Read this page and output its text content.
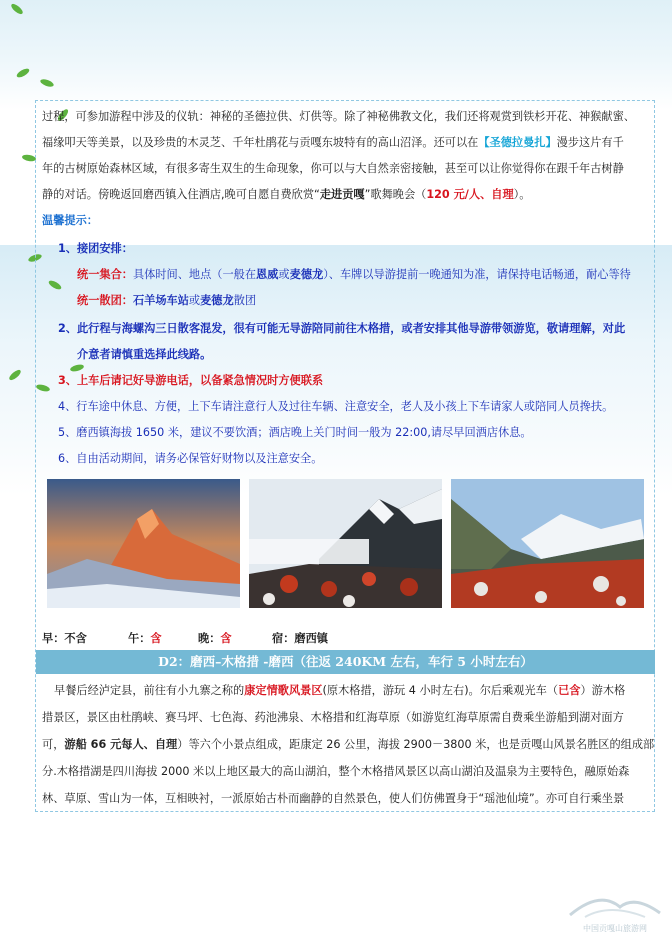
过程，可参加游程中涉及的仪轨：神秘的圣德拉供、灯供等。除了神秘佛教文化，我们还将观赏到铁杉开花、神猴献蜜、
福缘叩天等美景，以及珍贵的木灵芝、千年杜鹃花与贡嘎东坡特有的高山沼泽。还可以在【圣德拉曼扎】漫步这片有千
年的古树原始森林区域，有很多寄生双生的生命现象，你可以与大自然亲密接触，甚至可以让你觉得你在跟千年古树静
静的对话。傍晚返回磨西镇入住酒店,晚可自愿自费欣赏“走进贡嘎”歌舞晚会（120 元/人、自理）。
温馨提示：
1、接团安排：
统一集合：具体时间、地点（一般在恩威或麦德龙）、车牌以导游提前一晚通知为准，请保持电话畅通，耐心等待
统一散团：石羊场车站或麦德龙散团
2、此行程与海螺沟三日散客混发，很有可能无导游陪同前往木格措，或者安排其他导游带领游览，敬请理解，对此
介意者请慎重选择此线路。
3、上车后请记好导游电话，以备紧急情况时方便联系
4、行车途中休息、方便，上下车请注意行人及过往车辆、注意安全，老人及小孩上下车请家人或陪同人员搀扶。
5、磨西镇海拔 1650 米，建议不要饮酒；酒店晚上关门时间一般为 22:00,请尽早回酒店休息。
6、自由活动期间，请务必保管好财物以及注意安全。
早：不含	午：含	晚：含	宿：磨西镇
D2：磨西–木格措 -磨西（往返 240KM 左右，车行 5 小时左右）
早餐后经泸定县，前往有小九寨之称的康定情歌风景区(原木格措，游玩 4 小时左右)。尔后乘观光车（已含）游木格
措景区，景区由杜鹃峡、赛马坪、七色海、药池沸泉、木格措和红海草原（如游览红海草原需自费乘坐游船到湖对面方
可，游船 66 元每人、自理）等六个小景点组成，距康定 26 公里，海拔 2900－3800 米，也是贡嘎山风景名胜区的组成部
分.木格措湖是四川海拔 2000 米以上地区最大的高山湖泊，整个木格措风景区以高山湖泊及温泉为主要特色，融原始森
林、草原、雪山为一体，互相映衬，一派原始古朴而幽静的自然景色，使人们仿佛置身于“瑶池仙境”。亦可自行乘坐景
中国贡嘎山旅游网
